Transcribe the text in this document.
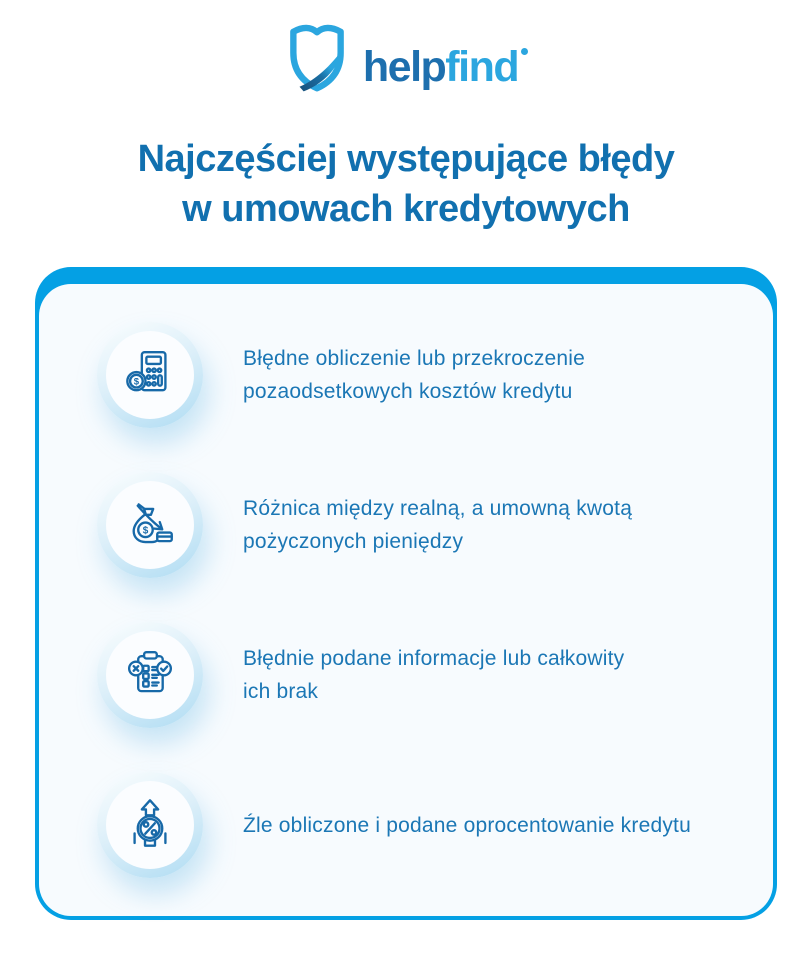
help find
Najczęściej występujące błędy
w umowach kredytowych
$
Błędne obliczenie lub przekroczenie
pozaodsetkowych kosztów kredytu
$
Różnica między realną, a umowną kwotą
pożyczonych pieniędzy
Błędnie podane informacje lub całkowity
ich brak
Źle obliczone i podane oprocentowanie kredytu
